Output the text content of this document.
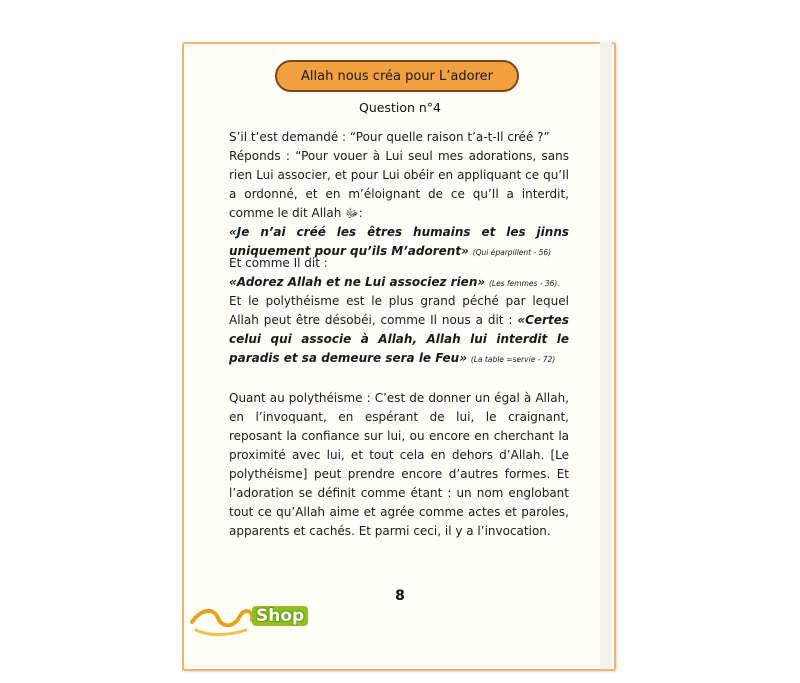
Allah nous créa pour L’adorer
Question n°4
S’il t’est demandé : “Pour quelle raison t’a-t-Il créé ?”
Réponds : “Pour vouer à Lui seul mes adorations, sans rien Lui associer, et pour Lui obéir en appliquant ce qu’Il a ordonné, et en m’éloignant de ce qu’Il a interdit, comme le dit Allah ﷻ:
«Je n’ai créé les êtres humains et les jinns uniquement pour qu’ils M’adorent» (Qui éparpillent - 56)
Et comme Il dit :
«Adorez Allah et ne Lui associez rien» (Les femmes - 36).
Et le polythéisme est le plus grand péché par lequel Allah peut être désobéi, comme Il nous a dit : «Certes celui qui associe à Allah, Allah lui interdit le paradis et sa demeure sera le Feu» (La table =servie - 72)
Quant au polythéisme : C’est de donner un égal à Allah, en l’invoquant, en espérant de lui, le craignant, reposant la confiance sur lui, ou encore en cherchant la proximité avec lui, et tout cela en dehors d’Allah. [Le polythéisme] peut prendre encore d’autres formes. Et l’adoration se définit comme étant : un nom englobant tout ce qu’Allah aime et agrée comme actes et paroles, apparents et cachés. Et parmi ceci, il y a l’invocation.
8
Shop
